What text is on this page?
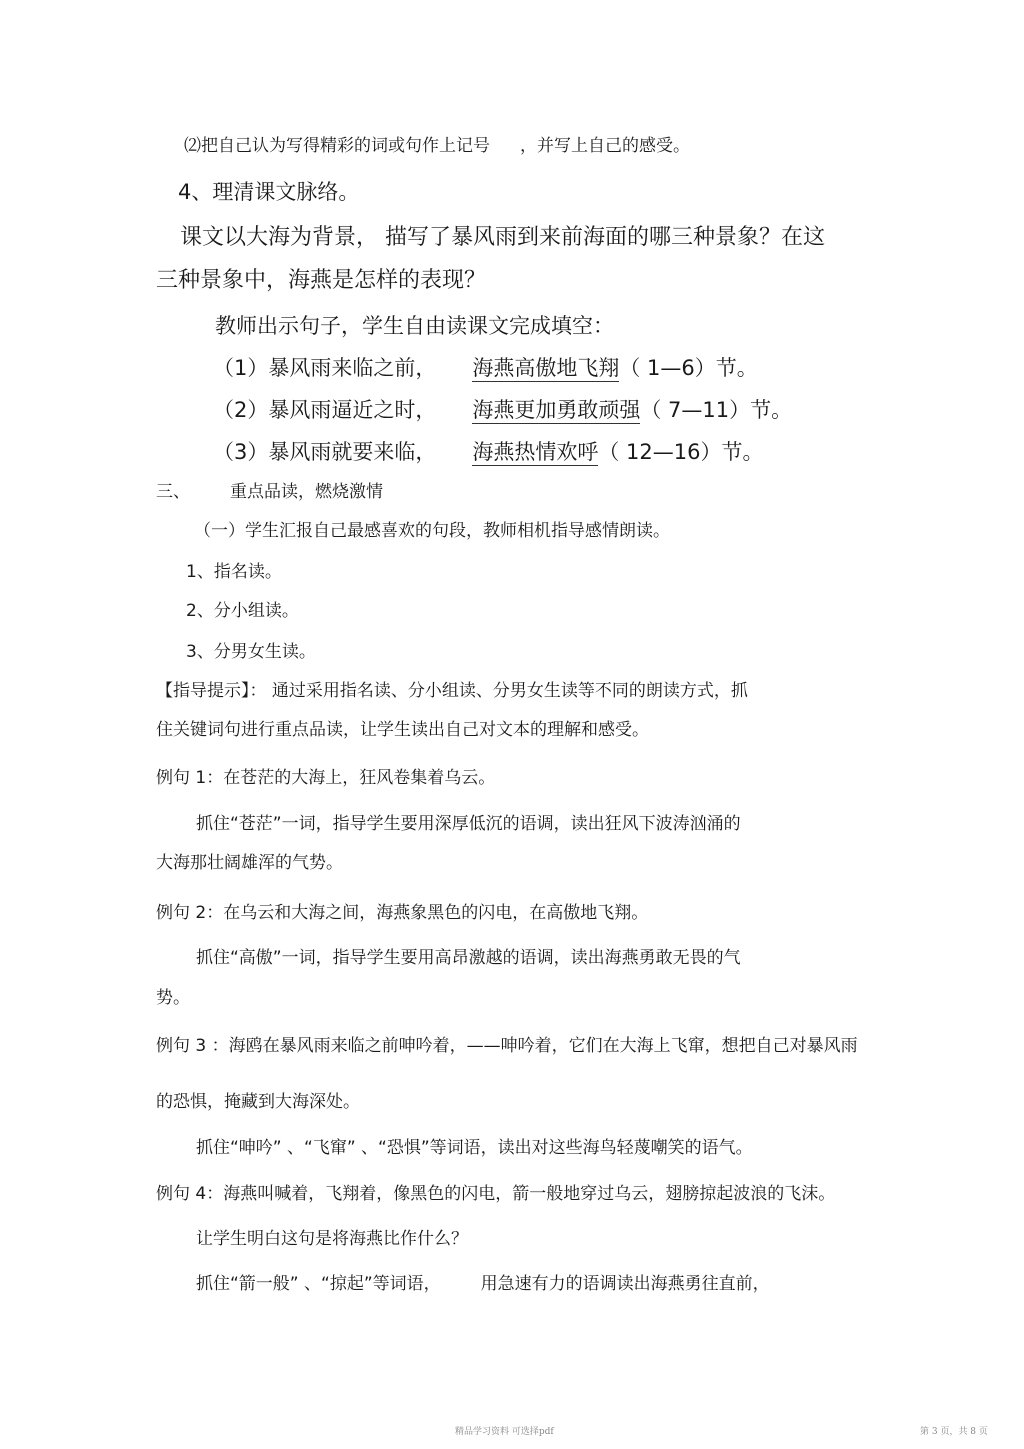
⑵把自己认为写得精彩的词或句作上记号 ，并写上自己的感受。
4、理清课文脉络。
课文以大海为背景， 描写了暴风雨到来前海面的哪三种景象？在这
三种景象中，海燕是怎样的表现？
教师出示句子，学生自由读课文完成填空：
（1）暴风雨来临之前， 海燕高傲地飞翔（ 1—6）节。
（2）暴风雨逼近之时， 海燕更加勇敢顽强（ 7—11）节。
（3）暴风雨就要来临， 海燕热情欢呼（ 12—16）节。
三、 重点品读，燃烧激情
（一）学生汇报自己最感喜欢的句段，教师相机指导感情朗读。
1、指名读。
2、分小组读。
3、分男女生读。
【指导提示】： 通过采用指名读、分小组读、分男女生读等不同的朗读方式，抓
住关键词句进行重点品读，让学生读出自己对文本的理解和感受。
例句 1：在苍茫的大海上，狂风卷集着乌云。
抓住“苍茫”一词，指导学生要用深厚低沉的语调，读出狂风下波涛汹涌的
大海那壮阔雄浑的气势。
例句 2：在乌云和大海之间，海燕象黑色的闪电，在高傲地飞翔。
抓住“高傲”一词，指导学生要用高昂激越的语调，读出海燕勇敢无畏的气
势。
例句 3 ：海鸥在暴风雨来临之前呻吟着，——呻吟着，它们在大海上飞窜，想把自己对暴风雨
的恐惧，掩藏到大海深处。
抓住“呻吟” 、“飞窜” 、“恐惧”等词语，读出对这些海鸟轻蔑嘲笑的语气。
例句 4：海燕叫喊着，飞翔着，像黑色的闪电，箭一般地穿过乌云，翅膀掠起波浪的飞沫。
让学生明白这句是将海燕比作什么？
抓住“箭一般” 、“掠起”等词语， 用急速有力的语调读出海燕勇往直前，
精品学习资料 可选择pdf	第 3 页，共 8 页
